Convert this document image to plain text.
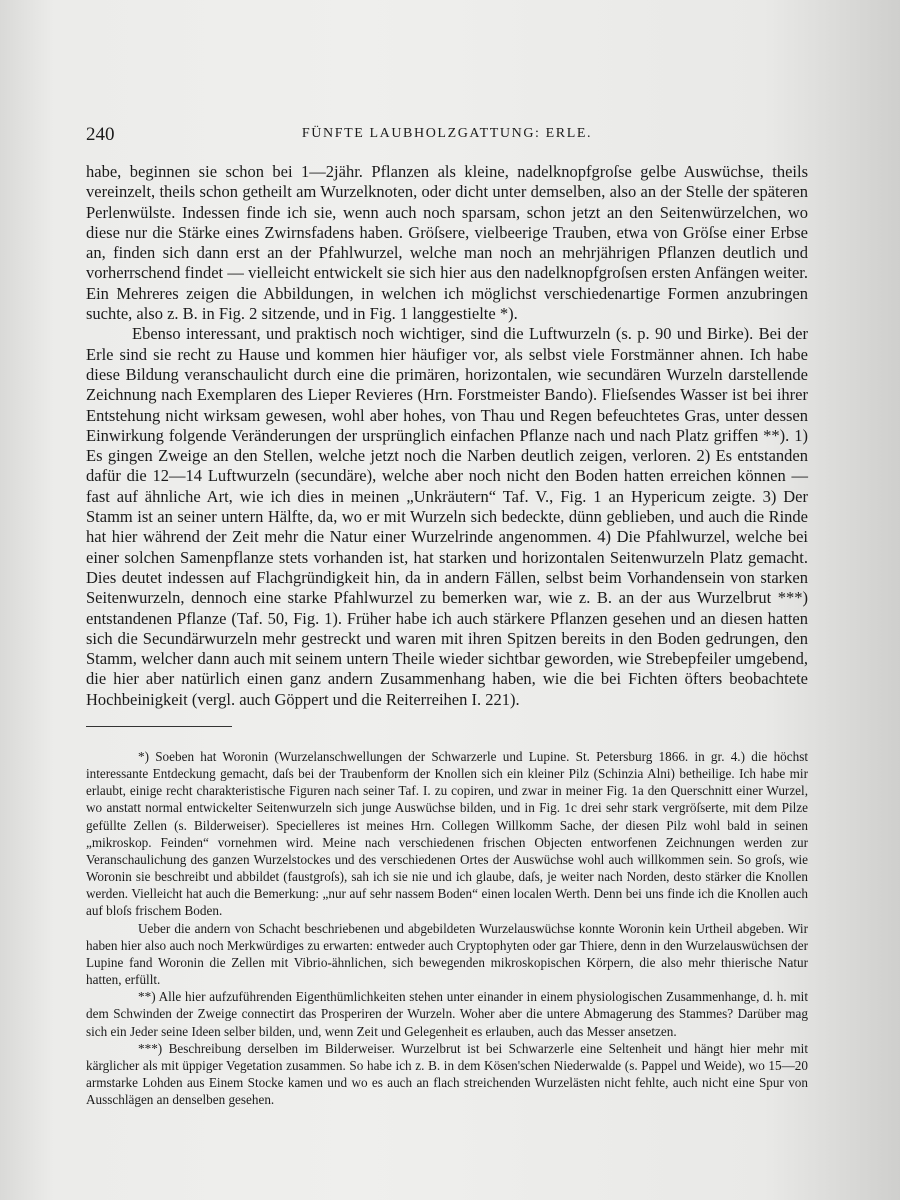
240	FÜNFTE LAUBHOLZGATTUNG: ERLE.

habe, beginnen sie schon bei 1—2jähr. Pflanzen als kleine, nadelknopfgroſse gelbe Auswüchse, theils vereinzelt, theils schon getheilt am Wurzelknoten, oder dicht unter demselben, also an der Stelle der späteren Perlenwülste. Indessen finde ich sie, wenn auch noch sparsam, schon jetzt an den Seitenwürzelchen, wo diese nur die Stärke eines Zwirnsfadens haben. Gröſsere, vielbeerige Trauben, etwa von Gröſse einer Erbse an, finden sich dann erst an der Pfahlwurzel, welche man noch an mehrjährigen Pflanzen deutlich und vorherrschend findet — vielleicht entwickelt sie sich hier aus den nadelknopfgroſsen ersten Anfängen weiter. Ein Mehreres zeigen die Abbildungen, in welchen ich möglichst verschiedenartige Formen anzubringen suchte, also z. B. in Fig. 2 sitzende, und in Fig. 1 langgestielte *).

Ebenso interessant, und praktisch noch wichtiger, sind die Luftwurzeln (s. p. 90 und Birke). Bei der Erle sind sie recht zu Hause und kommen hier häufiger vor, als selbst viele Forstmänner ahnen. Ich habe diese Bildung veranschaulicht durch eine die primären, horizontalen, wie secundären Wurzeln darstellende Zeichnung nach Exemplaren des Lieper Revieres (Hrn. Forstmeister Bando). Flieſsendes Wasser ist bei ihrer Entstehung nicht wirksam gewesen, wohl aber hohes, von Thau und Regen befeuchtetes Gras, unter dessen Einwirkung folgende Veränderungen der ursprünglich einfachen Pflanze nach und nach Platz griffen **). 1) Es gingen Zweige an den Stellen, welche jetzt noch die Narben deutlich zeigen, verloren. 2) Es entstanden dafür die 12—14 Luftwurzeln (secundäre), welche aber noch nicht den Boden hatten erreichen können — fast auf ähnliche Art, wie ich dies in meinen „Unkräutern“ Taf. V., Fig. 1 an Hypericum zeigte. 3) Der Stamm ist an seiner untern Hälfte, da, wo er mit Wurzeln sich bedeckte, dünn geblieben, und auch die Rinde hat hier während der Zeit mehr die Natur einer Wurzelrinde angenommen. 4) Die Pfahlwurzel, welche bei einer solchen Samenpflanze stets vorhanden ist, hat starken und horizontalen Seitenwurzeln Platz gemacht. Dies deutet indessen auf Flachgründigkeit hin, da in andern Fällen, selbst beim Vorhandensein von starken Seitenwurzeln, dennoch eine starke Pfahlwurzel zu bemerken war, wie z. B. an der aus Wurzelbrut ***) entstandenen Pflanze (Taf. 50, Fig. 1). Früher habe ich auch stärkere Pflanzen gesehen und an diesen hatten sich die Secundärwurzeln mehr gestreckt und waren mit ihren Spitzen bereits in den Boden gedrungen, den Stamm, welcher dann auch mit seinem untern Theile wieder sichtbar geworden, wie Strebepfeiler umgebend, die hier aber natürlich einen ganz andern Zusammenhang haben, wie die bei Fichten öfters beobachtete Hochbeinigkeit (vergl. auch Göppert und die Reiterreihen I. 221).

*) Soeben hat Woronin (Wurzelanschwellungen der Schwarzerle und Lupine. St. Petersburg 1866. in gr. 4.) die höchst interessante Entdeckung gemacht, daſs bei der Traubenform der Knollen sich ein kleiner Pilz (Schinzia Alni) betheilige. Ich habe mir erlaubt, einige recht charakteristische Figuren nach seiner Taf. I. zu copiren, und zwar in meiner Fig. 1a den Querschnitt einer Wurzel, wo anstatt normal entwickelter Seitenwurzeln sich junge Auswüchse bilden, und in Fig. 1c drei sehr stark vergröſserte, mit dem Pilze gefüllte Zellen (s. Bilderweiser). Specielleres ist meines Hrn. Collegen Willkomm Sache, der diesen Pilz wohl bald in seinen „mikroskop. Feinden“ vornehmen wird. Meine nach verschiedenen frischen Objecten entworfenen Zeichnungen werden zur Veranschaulichung des ganzen Wurzelstockes und des verschiedenen Ortes der Auswüchse wohl auch willkommen sein. So groſs, wie Woronin sie beschreibt und abbildet (faustgroſs), sah ich sie nie und ich glaube, daſs, je weiter nach Norden, desto stärker die Knollen werden. Vielleicht hat auch die Bemerkung: „nur auf sehr nassem Boden“ einen localen Werth. Denn bei uns finde ich die Knollen auch auf bloſs frischem Boden.

Ueber die andern von Schacht beschriebenen und abgebildeten Wurzelauswüchse konnte Woronin kein Urtheil abgeben. Wir haben hier also auch noch Merkwürdiges zu erwarten: entweder auch Cryptophyten oder gar Thiere, denn in den Wurzelauswüchsen der Lupine fand Woronin die Zellen mit Vibrio-ähnlichen, sich bewegenden mikroskopischen Körpern, die also mehr thierische Natur hatten, erfüllt.

**) Alle hier aufzuführenden Eigenthümlichkeiten stehen unter einander in einem physiologischen Zusammenhange, d. h. mit dem Schwinden der Zweige connectirt das Prosperiren der Wurzeln. Woher aber die untere Abmagerung des Stammes? Darüber mag sich ein Jeder seine Ideen selber bilden, und, wenn Zeit und Gelegenheit es erlauben, auch das Messer ansetzen.

***) Beschreibung derselben im Bilderweiser. Wurzelbrut ist bei Schwarzerle eine Seltenheit und hängt hier mehr mit kärglicher als mit üppiger Vegetation zusammen. So habe ich z. B. in dem Kösen'schen Niederwalde (s. Pappel und Weide), wo 15—20 armstarke Lohden aus Einem Stocke kamen und wo es auch an flach streichenden Wurzelästen nicht fehlte, auch nicht eine Spur von Ausschlägen an denselben gesehen.
